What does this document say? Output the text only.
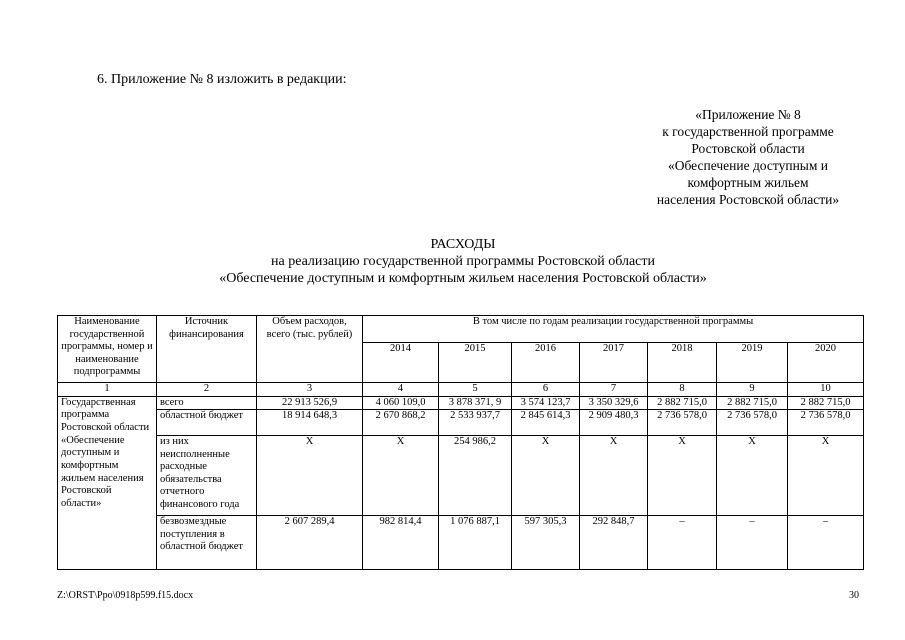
6. Приложение № 8 изложить в редакции:
«Приложение № 8
к государственной программе
Ростовской области
«Обеспечение доступным и
комфортным жильем
населения Ростовской области»
РАСХОДЫ
на реализацию государственной программы Ростовской области
«Обеспечение доступным и комфортным жильем населения Ростовской области»
Наименование государственной программы, номер и наименование подпрограммы	Источник финансирования	Объем расходов, всего (тыс. рублей)	В том числе по годам реализации государственной программы						
			2014	2015	2016	2017	2018	2019	2020
1	2	3	4	5	6	7	8	9	10
Государственная программа Ростовской области «Обеспечение доступным и комфортным жильем населения Ростовской области»	всего	22 913 526,9	4 060 109,0	3 878 371, 9	3 574 123,7	3 350 329,6	2 882 715,0	2 882 715,0	2 882 715,0
	областной бюджет	18 914 648,3	2 670 868,2	2 533 937,7	2 845 614,3	2 909 480,3	2 736 578,0	2 736 578,0	2 736 578,0
	из них неисполненные расходные обязательства отчетного финансового года	Х	Х	254 986,2	Х	Х	Х	Х	Х
	безвозмездные поступления в областной бюджет	2 607 289,4	982 814,4	1 076 887,1	597 305,3	292 848,7	–	–	–
Z:\ORST\Ppo\0918p599.f15.docx	30
